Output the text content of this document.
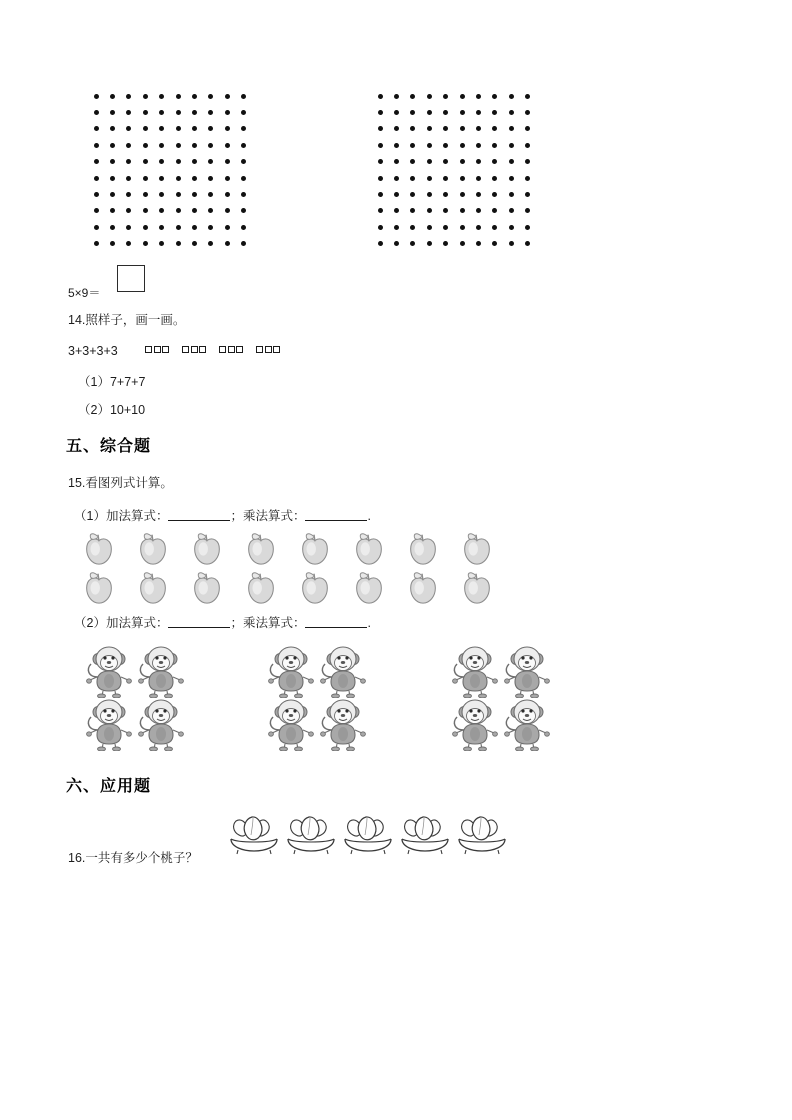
5×9＝
14.照样子，画一画。
3+3+3+3
（1）7+7+7
（2）10+10
五、综合题
15.看图列式计算。
（1）加法算式：	；乘法算式：	.
（2）加法算式：	；乘法算式：	.
六、应用题
16.一共有多少个桃子？
